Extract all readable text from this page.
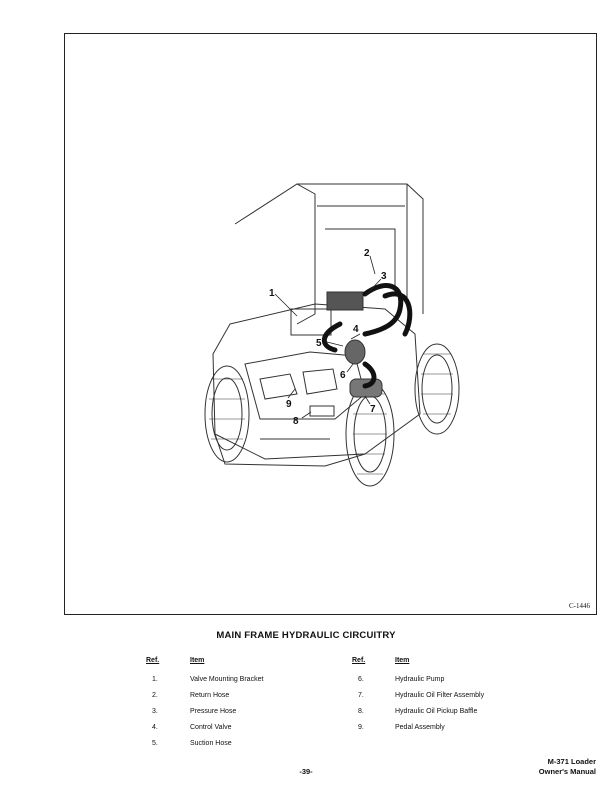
1
2
3
4
5
6
7
8
9
C-1446
MAIN FRAME HYDRAULIC CIRCUITRY
Ref.
1.
2.
3.
4.
5.
Item
Valve Mounting Bracket
Return Hose
Pressure Hose
Control Valve
Suction Hose
Ref.
6.
7.
8.
9.
Item
Hydraulic Pump
Hydraulic Oil Filter Assembly
Hydraulic Oil Pickup Baffle
Pedal Assembly
M-371 Loader
Owner's Manual
-39-
